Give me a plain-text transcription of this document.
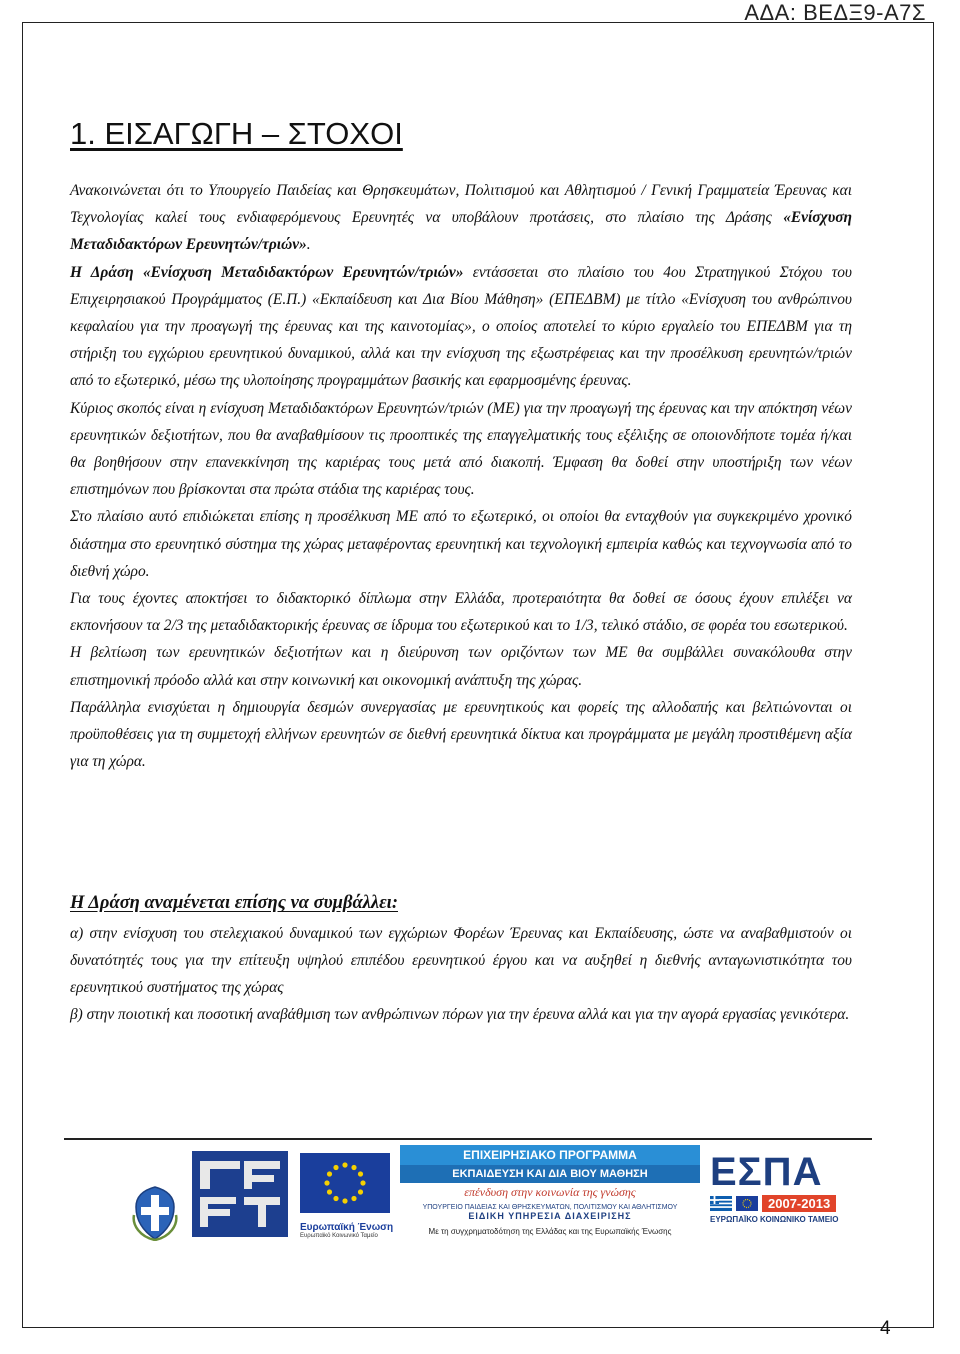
ΑΔΑ: ΒΕΔΞ9-Α7Σ
1. ΕΙΣΑΓΩΓΗ – ΣΤΟΧΟΙ

Ανακοινώνεται ότι το Υπουργείο Παιδείας και Θρησκευμάτων, Πολιτισμού και Αθλητισμού / Γενική Γραμματεία Έρευνας και Τεχνολογίας καλεί τους ενδιαφερόμενους Ερευνητές να υποβάλουν προτάσεις, στο πλαίσιο της Δράσης «Ενίσχυση Μεταδιδακτόρων Ερευνητών/τριών».

Η Δράση «Ενίσχυση Μεταδιδακτόρων Ερευνητών/τριών» εντάσσεται στο πλαίσιο του 4ου Στρατηγικού Στόχου του Επιχειρησιακού Προγράμματος (Ε.Π.) «Εκπαίδευση και Δια Βίου Μάθηση» (ΕΠΕΔΒΜ) με τίτλο «Ενίσχυση του ανθρώπινου κεφαλαίου για την προαγωγή της έρευνας και της καινοτομίας», ο οποίος αποτελεί το κύριο εργαλείο του ΕΠΕΔΒΜ για τη στήριξη του εγχώριου ερευνητικού δυναμικού, αλλά και την ενίσχυση της εξωστρέφειας και την προσέλκυση ερευνητών/τριών από το εξωτερικό, μέσω της υλοποίησης προγραμμάτων βασικής και εφαρμοσμένης έρευνας.

Κύριος σκοπός είναι η ενίσχυση Μεταδιδακτόρων Ερευνητών/τριών (ΜΕ) για την προαγωγή της έρευνας και την απόκτηση νέων ερευνητικών δεξιοτήτων, που θα αναβαθμίσουν τις προοπτικές της επαγγελματικής τους εξέλιξης σε οποιονδήποτε τομέα ή/και θα βοηθήσουν στην επανεκκίνηση της καριέρας τους μετά από διακοπή. Έμφαση θα δοθεί στην υποστήριξη των νέων επιστημόνων που βρίσκονται στα πρώτα στάδια της καριέρας τους.

Στο πλαίσιο αυτό επιδιώκεται επίσης η προσέλκυση ΜΕ από το εξωτερικό, οι οποίοι θα ενταχθούν για συγκεκριμένο χρονικό διάστημα στο ερευνητικό σύστημα της χώρας μεταφέροντας ερευνητική και τεχνολογική εμπειρία καθώς και τεχνογνωσία από το διεθνή χώρο.

Για τους έχοντες αποκτήσει το διδακτορικό δίπλωμα στην Ελλάδα, προτεραιότητα θα δοθεί σε όσους έχουν επιλέξει να εκπονήσουν τα 2/3 της μεταδιδακτορικής έρευνας σε ίδρυμα του εξωτερικού και το 1/3, τελικό στάδιο, σε φορέα του εσωτερικού.

Η βελτίωση των ερευνητικών δεξιοτήτων και η διεύρυνση των οριζόντων των ΜΕ θα συμβάλλει συνακόλουθα στην επιστημονική πρόοδο αλλά και στην κοινωνική και οικονομική ανάπτυξη της χώρας.

Παράλληλα ενισχύεται η δημιουργία δεσμών συνεργασίας με ερευνητικούς και φορείς της αλλοδαπής και βελτιώνονται οι προϋποθέσεις για τη συμμετοχή ελλήνων ερευνητών σε διεθνή ερευνητικά δίκτυα και προγράμματα με μεγάλη προστιθέμενη αξία για τη χώρα.

Η Δράση αναμένεται επίσης να συμβάλλει:

α) στην ενίσχυση του στελεχιακού δυναμικού των εγχώριων Φορέων Έρευνας και Εκπαίδευσης, ώστε να αναβαθμιστούν οι δυνατότητές τους για την επίτευξη υψηλού επιπέδου ερευνητικού έργου και να αυξηθεί η διεθνής ανταγωνιστικότητα του ερευνητικού συστήματος της χώρας

β) στην ποιοτική και ποσοτική αναβάθμιση των ανθρώπινων πόρων για την έρευνα αλλά και για την αγορά εργασίας γενικότερα.

Ευρωπαϊκή Ένωση
Ευρωπαϊκό Κοινωνικό Ταμείο
ΕΠΙΧΕΙΡΗΣΙΑΚΟ ΠΡΟΓΡΑΜΜΑ
ΕΚΠΑΙΔΕΥΣΗ ΚΑΙ ΔΙΑ ΒΙΟΥ ΜΑΘΗΣΗ
επένδυση στην κοινωνία της γνώσης
ΥΠΟΥΡΓΕΙΟ ΠΑΙΔΕΙΑΣ ΚΑΙ ΘΡΗΣΚΕΥΜΑΤΩΝ, ΠΟΛΙΤΙΣΜΟΥ ΚΑΙ ΑΘΛΗΤΙΣΜΟΥ
ΕΙΔΙΚΗ ΥΠΗΡΕΣΙΑ ΔΙΑΧΕΙΡΙΣΗΣ
Με τη συγχρηματοδότηση της Ελλάδας και της Ευρωπαϊκής Ένωσης
ΕΣΠΑ
2007-2013
ΕΥΡΩΠΑΪΚΟ ΚΟΙΝΩΝΙΚΟ ΤΑΜΕΙΟ
4
